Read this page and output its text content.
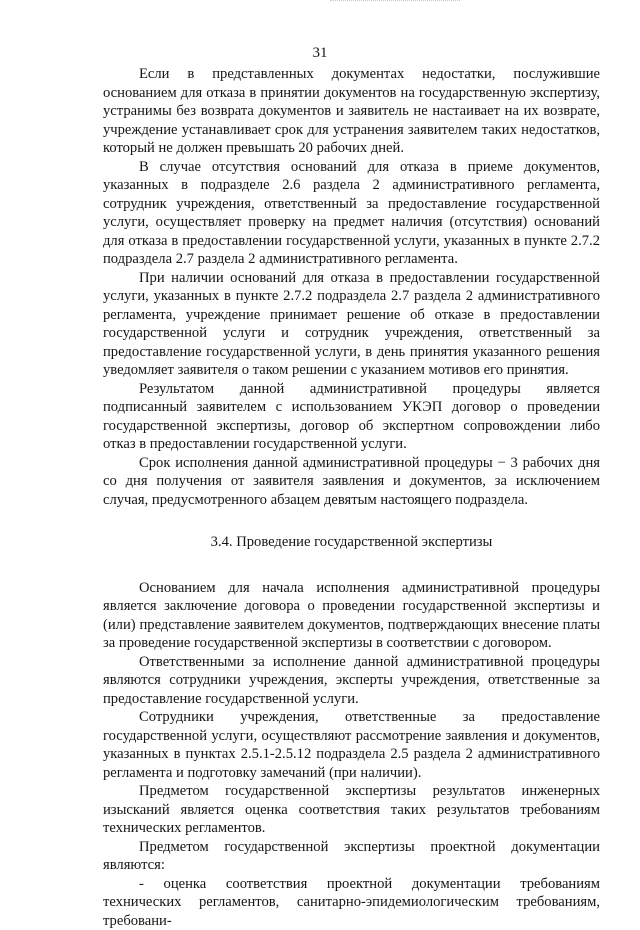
31

Если в представленных документах недостатки, послужившие основанием для отказа в принятии документов на государственную экспертизу, устранимы без возврата документов и заявитель не настаивает на их возврате, учреждение устанавливает срок для устранения заявителем таких недостатков, который не должен превышать 20 рабочих дней.

В случае отсутствия оснований для отказа в приеме документов, указанных в подразделе 2.6 раздела 2 административного регламента, сотрудник учреждения, ответственный за предоставление государственной услуги, осуществляет проверку на предмет наличия (отсутствия) оснований для отказа в предоставлении государственной услуги, указанных в пункте 2.7.2 подраздела 2.7 раздела 2 административного регламента.

При наличии оснований для отказа в предоставлении государственной услуги, указанных в пункте 2.7.2 подраздела 2.7 раздела 2 административного регламента, учреждение принимает решение об отказе в предоставлении государственной услуги и сотрудник учреждения, ответственный за предоставление государственной услуги, в день принятия указанного решения уведомляет заявителя о таком решении с указанием мотивов его принятия.

Результатом данной административной процедуры является подписанный заявителем с использованием УКЭП договор о проведении государственной экспертизы, договор об экспертном сопровождении либо отказ в предоставлении государственной услуги.

Срок исполнения данной административной процедуры − 3 рабочих дня со дня получения от заявителя заявления и документов, за исключением случая, предусмотренного абзацем девятым настоящего подраздела.

3.4. Проведение государственной экспертизы

Основанием для начала исполнения административной процедуры является заключение договора о проведении государственной экспертизы и (или) представление заявителем документов, подтверждающих внесение платы за проведение государственной экспертизы в соответствии с договором.

Ответственными за исполнение данной административной процедуры являются сотрудники учреждения, эксперты учреждения, ответственные за предоставление государственной услуги.

Сотрудники учреждения, ответственные за предоставление государственной услуги, осуществляют рассмотрение заявления и документов, указанных в пунктах 2.5.1-2.5.12 подраздела 2.5 раздела 2 административного регламента и подготовку замечаний (при наличии).

Предметом государственной экспертизы результатов инженерных изысканий является оценка соответствия таких результатов требованиям технических регламентов.

Предметом государственной экспертизы проектной документации являются:

- оценка соответствия проектной документации требованиям технических регламентов, санитарно-эпидемиологическим требованиям, требовани-
